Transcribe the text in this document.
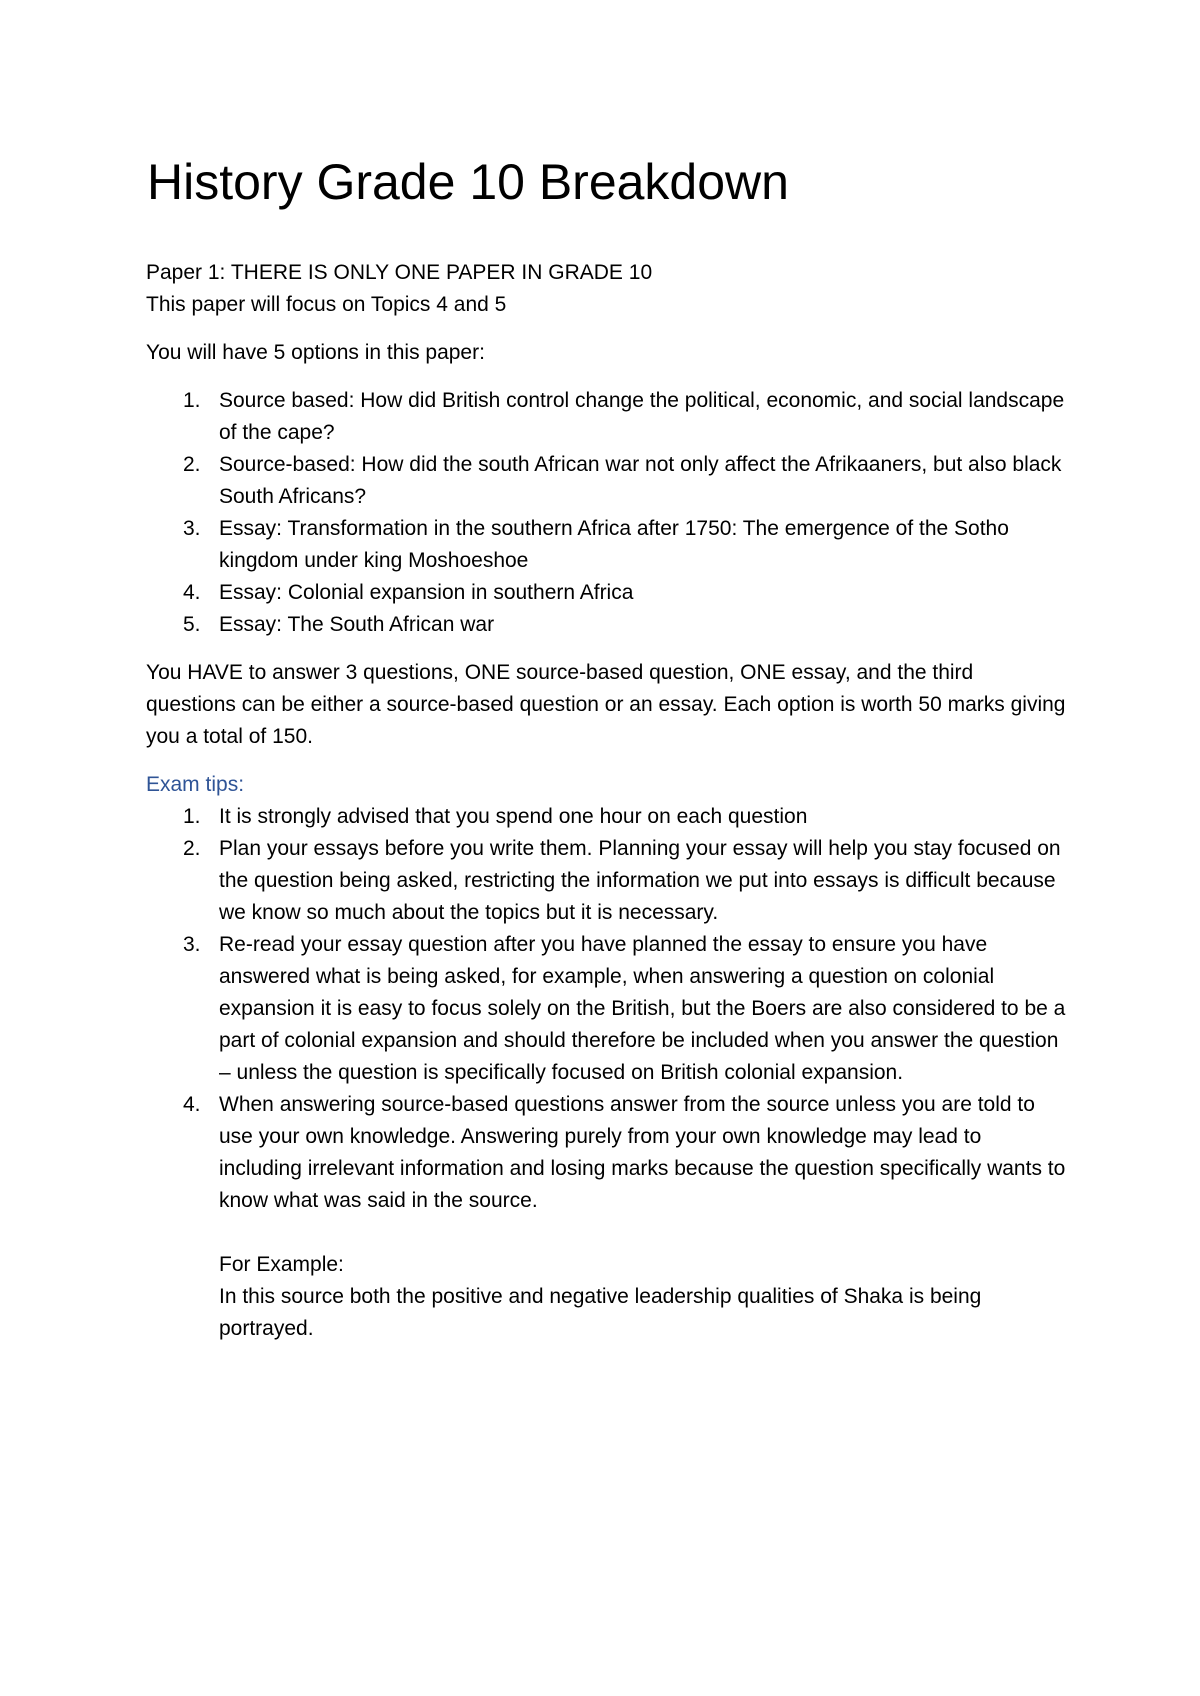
History Grade 10 Breakdown

Paper 1: THERE IS ONLY ONE PAPER IN GRADE 10

This paper will focus on Topics 4 and 5

You will have 5 options in this paper:

1. Source based: How did British control change the political, economic, and social landscape of the cape?
2. Source-based: How did the south African war not only affect the Afrikaaners, but also black South Africans?
3. Essay: Transformation in the southern Africa after 1750: The emergence of the Sotho kingdom under king Moshoeshoe
4. Essay: Colonial expansion in southern Africa
5. Essay: The South African war

You HAVE to answer 3 questions, ONE source-based question, ONE essay, and the third questions can be either a source-based question or an essay. Each option is worth 50 marks giving you a total of 150.

Exam tips:

1. It is strongly advised that you spend one hour on each question
2. Plan your essays before you write them. Planning your essay will help you stay focused on the question being asked, restricting the information we put into essays is difficult because we know so much about the topics but it is necessary.
3. Re-read your essay question after you have planned the essay to ensure you have answered what is being asked, for example, when answering a question on colonial expansion it is easy to focus solely on the British, but the Boers are also considered to be a part of colonial expansion and should therefore be included when you answer the question – unless the question is specifically focused on British colonial expansion.
4. When answering source-based questions answer from the source unless you are told to use your own knowledge. Answering purely from your own knowledge may lead to including irrelevant information and losing marks because the question specifically wants to know what was said in the source.

For Example:

In this source both the positive and negative leadership qualities of Shaka is being portrayed.
